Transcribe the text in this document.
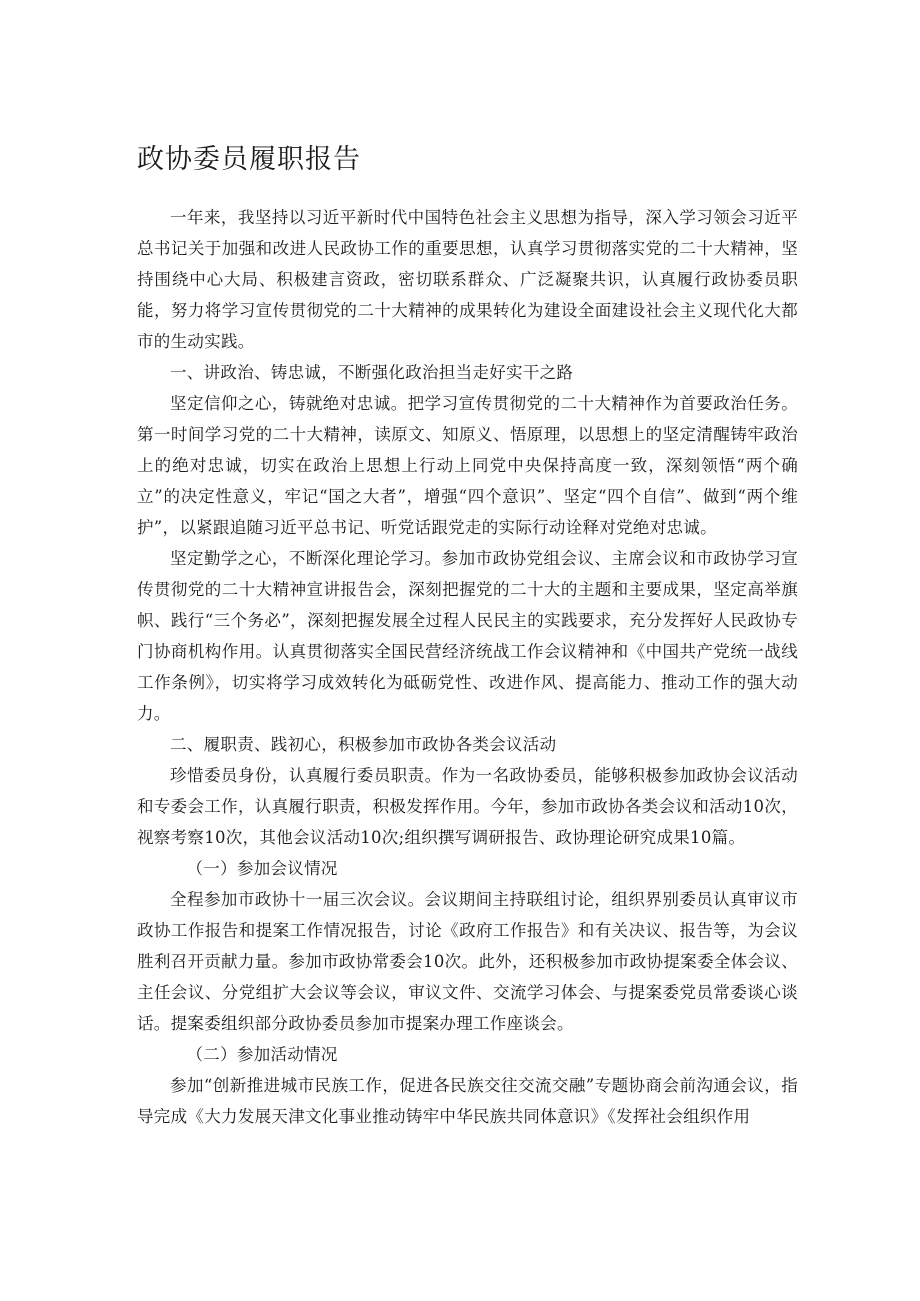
政协委员履职报告

一年来，我坚持以习近平新时代中国特色社会主义思想为指导，深入学习领会习近平总书记关于加强和改进人民政协工作的重要思想，认真学习贯彻落实党的二十大精神，坚持围绕中心大局、积极建言资政，密切联系群众、广泛凝聚共识，认真履行政协委员职能，努力将学习宣传贯彻党的二十大精神的成果转化为建设全面建设社会主义现代化大都市的生动实践。

一、讲政治、铸忠诚，不断强化政治担当走好实干之路

坚定信仰之心，铸就绝对忠诚。把学习宣传贯彻党的二十大精神作为首要政治任务。第一时间学习党的二十大精神，读原文、知原义、悟原理，以思想上的坚定清醒铸牢政治上的绝对忠诚，切实在政治上思想上行动上同党中央保持高度一致，深刻领悟“两个确立”的决定性意义，牢记“国之大者”，增强“四个意识”、坚定“四个自信”、做到“两个维护”，以紧跟追随习近平总书记、听党话跟党走的实际行动诠释对党绝对忠诚。

坚定勤学之心，不断深化理论学习。参加市政协党组会议、主席会议和市政协学习宣传贯彻党的二十大精神宣讲报告会，深刻把握党的二十大的主题和主要成果，坚定高举旗帜、践行“三个务必”，深刻把握发展全过程人民民主的实践要求，充分发挥好人民政协专门协商机构作用。认真贯彻落实全国民营经济统战工作会议精神和《中国共产党统一战线工作条例》，切实将学习成效转化为砥砺党性、改进作风、提高能力、推动工作的强大动力。

二、履职责、践初心，积极参加市政协各类会议活动

珍惜委员身份，认真履行委员职责。作为一名政协委员，能够积极参加政协会议活动和专委会工作，认真履行职责，积极发挥作用。今年，参加市政协各类会议和活动10次，视察考察10次，其他会议活动10次;组织撰写调研报告、政协理论研究成果10篇。

（一）参加会议情况

全程参加市政协十一届三次会议。会议期间主持联组讨论，组织界别委员认真审议市政协工作报告和提案工作情况报告，讨论《政府工作报告》和有关决议、报告等，为会议胜利召开贡献力量。参加市政协常委会10次。此外，还积极参加市政协提案委全体会议、主任会议、分党组扩大会议等会议，审议文件、交流学习体会、与提案委党员常委谈心谈话。提案委组织部分政协委员参加市提案办理工作座谈会。

（二）参加活动情况

参加“创新推进城市民族工作，促进各民族交往交流交融”专题协商会前沟通会议，指导完成《大力发展天津文化事业推动铸牢中华民族共同体意识》《发挥社会组织作用
